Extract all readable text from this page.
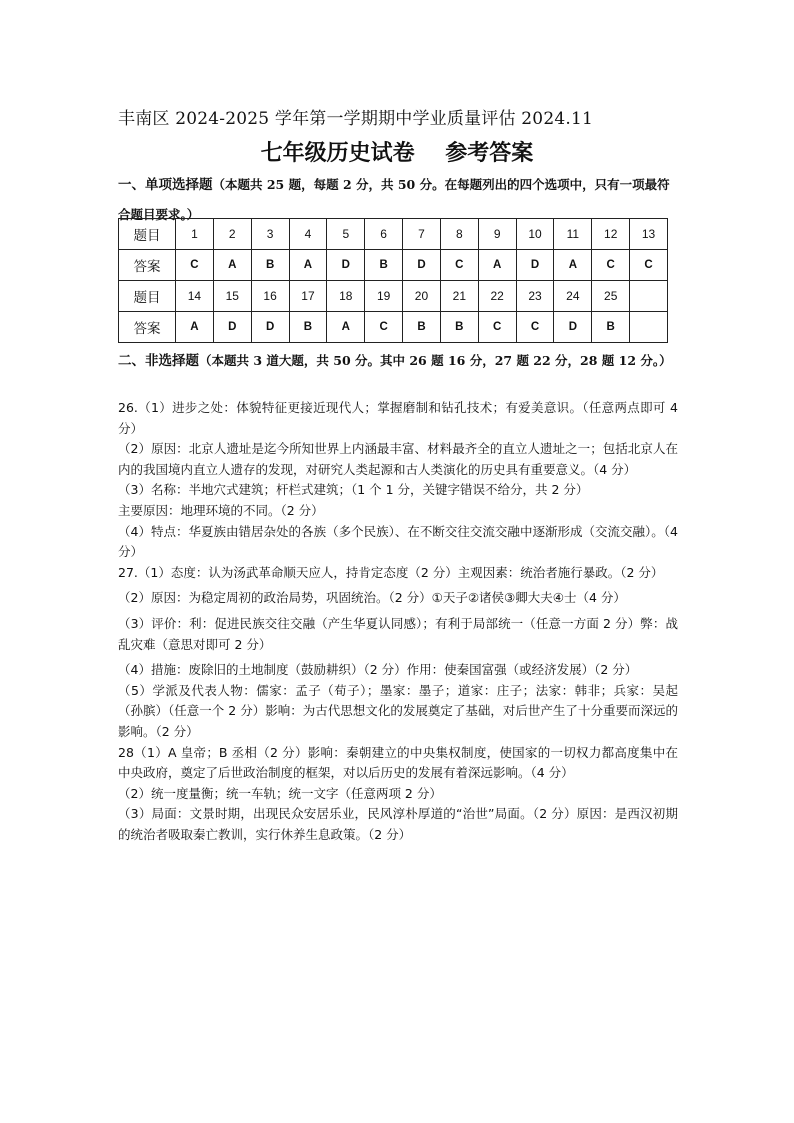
丰南区 2024-2025 学年第一学期期中学业质量评估 2024.11
七年级历史试卷    参考答案
一、单项选择题（本题共 25 题，每题 2 分，共 50 分。在每题列出的四个选项中，只有一项最符合题目要求。）
题目	1	2	3	4	5	6	7	8	9	10	11	12	13
答案	C	A	B	A	D	B	D	C	A	D	A	C	C
题目	14	15	16	17	18	19	20	21	22	23	24	25	
答案	A	D	D	B	A	C	B	B	C	C	D	B	
二、非选择题（本题共 3 道大题，共 50 分。其中 26 题 16 分，27 题 22 分，28 题 12 分。）

26.（1）进步之处：体貌特征更接近现代人；掌握磨制和钻孔技术；有爱美意识。（任意两点即可 4 分）

（2）原因：北京人遗址是迄今所知世界上内涵最丰富、材料最齐全的直立人遗址之一；包括北京人在内的我国境内直立人遗存的发现，对研究人类起源和古人类演化的历史具有重要意义。（4 分）

（3）名称：半地穴式建筑；杆栏式建筑；（1 个 1 分，关键字错误不给分，共 2 分）

主要原因：地理环境的不同。（2 分）

（4）特点：华夏族由错居杂处的各族（多个民族）、在不断交往交流交融中逐渐形成（交流交融）。（4 分）

27.（1）态度：认为汤武革命顺天应人，持肯定态度（2 分）主观因素：统治者施行暴政。（2 分）

（2）原因：为稳定周初的政治局势，巩固统治。（2 分）①天子②诸侯③卿大夫④士（4 分）

（3）评价：利：促进民族交往交融（产生华夏认同感）；有利于局部统一（任意一方面 2 分）弊：战乱灾难（意思对即可 2 分）

（4）措施：废除旧的土地制度（鼓励耕织）（2 分）作用：使秦国富强（或经济发展）（2 分）

（5）学派及代表人物：儒家：孟子（荀子）；墨家：墨子；道家：庄子；法家：韩非；兵家：吴起（孙膑）（任意一个 2 分）影响：为古代思想文化的发展奠定了基础，对后世产生了十分重要而深远的影响。（2 分）

28（1）A 皇帝；B 丞相（2 分）影响：秦朝建立的中央集权制度，使国家的一切权力都高度集中在中央政府，奠定了后世政治制度的框架，对以后历史的发展有着深远影响。（4 分）

（2）统一度量衡；统一车轨；统一文字（任意两项 2 分）

（3）局面：文景时期，出现民众安居乐业，民风淳朴厚道的“治世”局面。（2 分）原因：是西汉初期的统治者吸取秦亡教训，实行休养生息政策。（2 分）
